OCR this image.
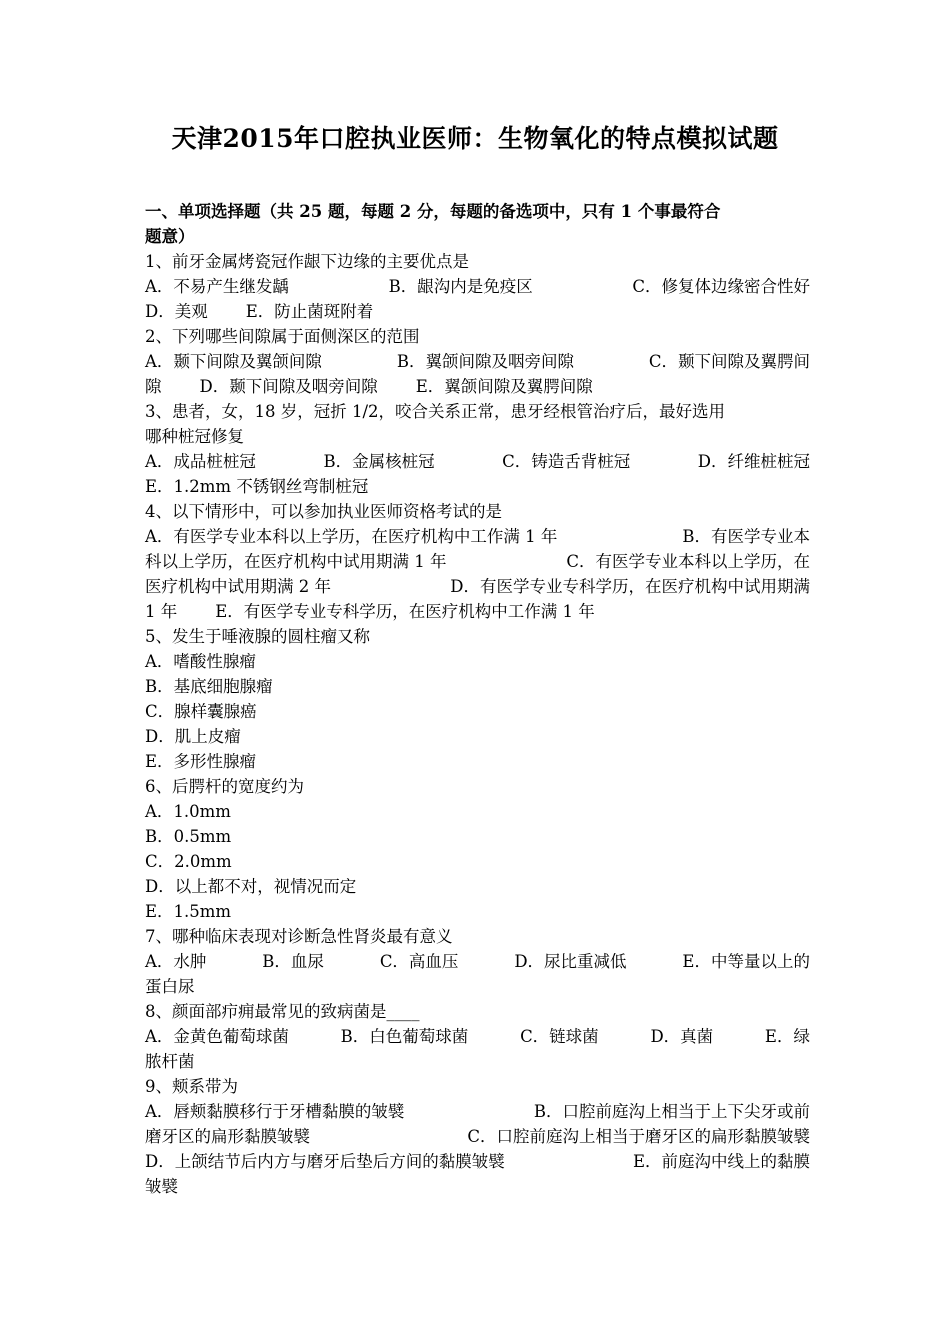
天津2015年口腔执业医师：生物氧化的特点模拟试题

一、单项选择题（共 25 题，每题 2 分，每题的备选项中，只有 1 个事最符合
题意）

1、前牙金属烤瓷冠作龈下边缘的主要优点是
A．不易产生继发龋	B．龈沟内是免疫区	C．修复体边缘密合性好
D．美观 E．防止菌斑附着
2、下列哪些间隙属于面侧深区的范围
A．颞下间隙及翼颌间隙	B．翼颌间隙及咽旁间隙	C．颞下间隙及翼腭间
隙 D．颞下间隙及咽旁间隙 E．翼颌间隙及翼腭间隙
3、患者，女，18 岁，冠折 1/2，咬合关系正常，患牙经根管治疗后，最好选用
哪种桩冠修复
A．成品桩桩冠	B．金属核桩冠	C．铸造舌背桩冠	D．纤维桩桩冠
E．1.2mm 不锈钢丝弯制桩冠
4、以下情形中，可以参加执业医师资格考试的是
A．有医学专业本科以上学历，在医疗机构中工作满 1 年	B．有医学专业本
科以上学历，在医疗机构中试用期满 1 年	C．有医学专业本科以上学历，在
医疗机构中试用期满 2 年	D．有医学专业专科学历，在医疗机构中试用期满
1 年 E．有医学专业专科学历，在医疗机构中工作满 1 年
5、发生于唾液腺的圆柱瘤又称
A．嗜酸性腺瘤
B．基底细胞腺瘤
C．腺样囊腺癌
D．肌上皮瘤
E．多形性腺瘤
6、后腭杆的宽度约为
A．1.0mm
B．0.5mm
C．2.0mm
D．以上都不对，视情况而定
E．1.5mm
7、哪种临床表现对诊断急性肾炎最有意义
A．水肿	B．血尿	C．高血压	D．尿比重减低	E．中等量以上的
蛋白尿
8、颜面部疖痈最常见的致病菌是____
A．金黄色葡萄球菌	B．白色葡萄球菌	C．链球菌	D．真菌	E．绿
脓杆菌
9、颊系带为
A．唇颊黏膜移行于牙槽黏膜的皱襞	B．口腔前庭沟上相当于上下尖牙或前
磨牙区的扁形黏膜皱襞	C．口腔前庭沟上相当于磨牙区的扁形黏膜皱襞
D．上颌结节后内方与磨牙后垫后方间的黏膜皱襞	E．前庭沟中线上的黏膜
皱襞
